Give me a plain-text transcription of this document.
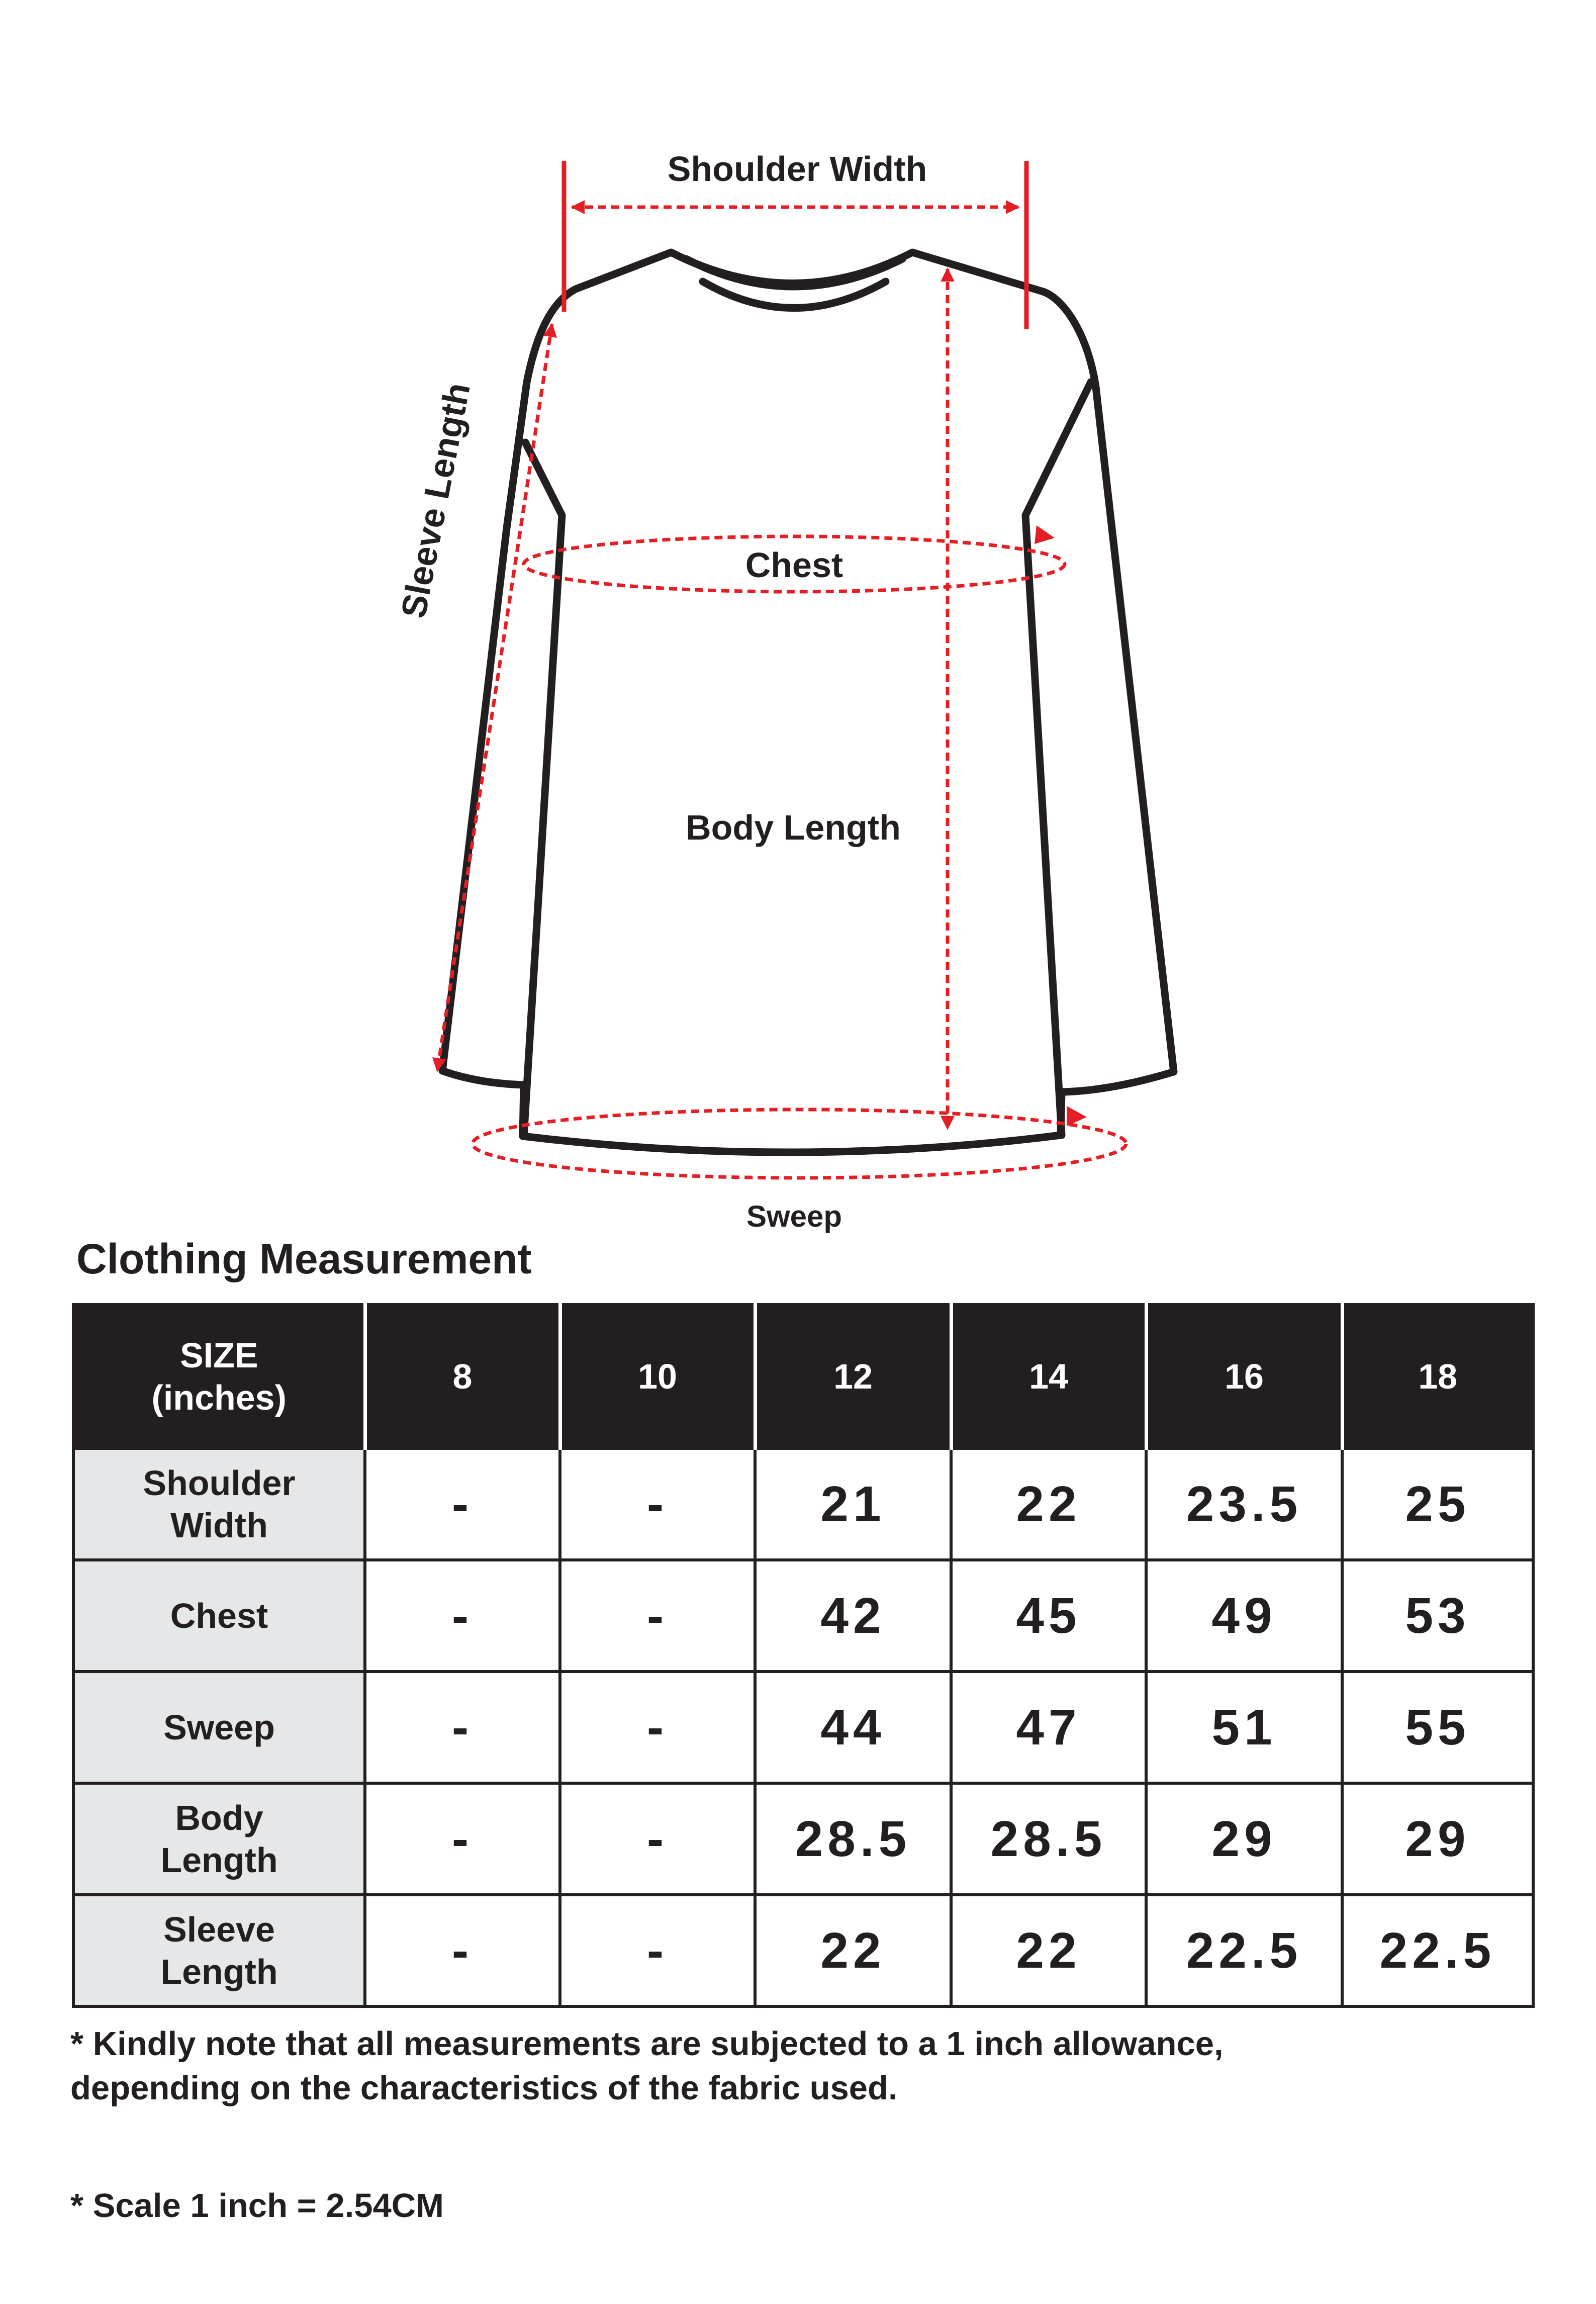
Shoulder Width
Sleeve Length	Chest
Body Length
Sweep
Clothing Measurement
SIZE
(inches)	8	10	12	14	16	18
Shoulder
Width	-	-	21	22	23.5	25
Chest	-	-	42	45	49	53
Sweep	-	-	44	47	51	55
Body
Length	-	-	28.5	28.5	29	29
Sleeve
Length	-	-	22	22	22.5	22.5

* Kindly note that all measurements are subjected to a 1 inch allowance,
depending on the characteristics of the fabric used.

* Scale 1 inch = 2.54CM
